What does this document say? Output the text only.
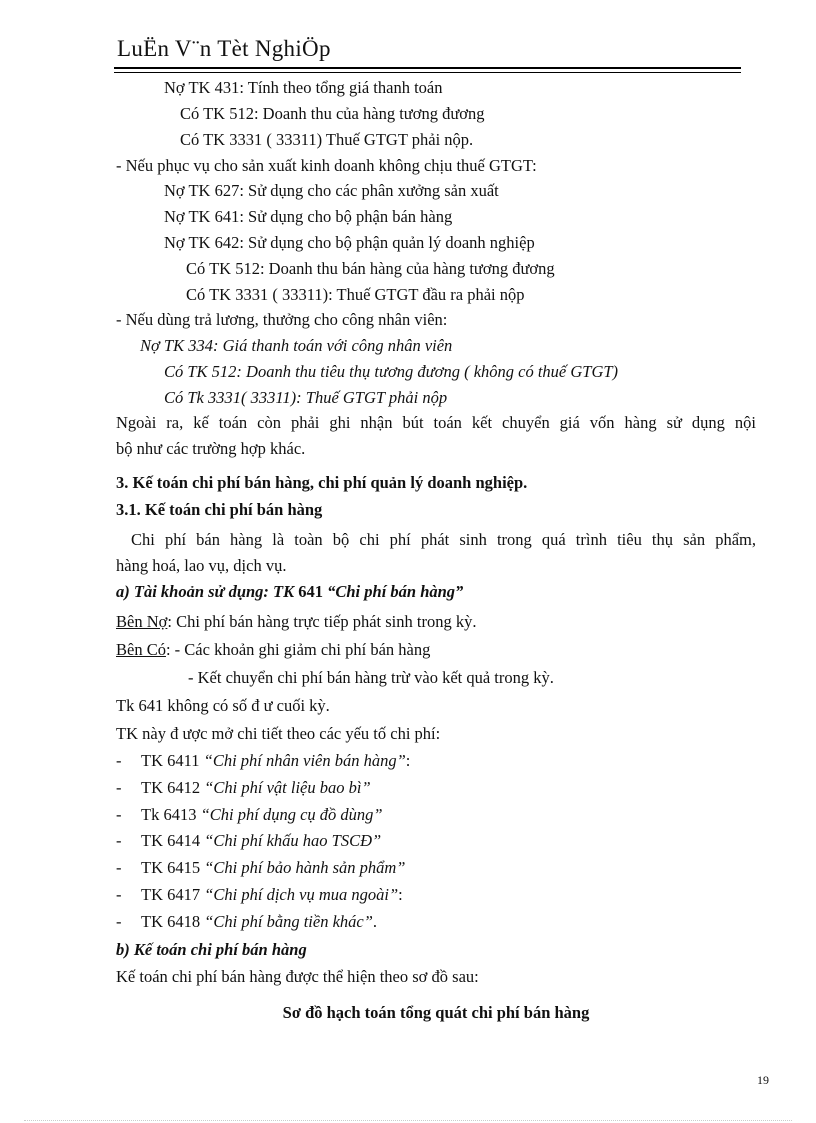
LuËn V¨n Tèt NghiÖp
Nợ TK 431: Tính theo tổng giá thanh toán
Có TK 512: Doanh thu của hàng tương đương
Có TK 3331 ( 33311) Thuế GTGT phải nộp.
- Nếu phục vụ cho sản xuất kinh doanh không chịu thuế GTGT:
Nợ TK 627: Sử dụng cho các phân xưởng sản xuất
Nợ TK 641: Sử dụng cho bộ phận bán hàng
Nợ TK 642: Sử dụng cho bộ phận quản lý doanh nghiệp
Có TK 512: Doanh thu bán hàng của hàng tương đương
Có TK 3331 ( 33311): Thuế GTGT đầu ra phải nộp
- Nếu dùng trả lương, thưởng cho công nhân viên:
Nợ TK 334: Giá thanh toán với công nhân viên
Có TK 512: Doanh thu tiêu thụ tương đương ( không có thuế GTGT)
Có Tk 3331( 33311): Thuế GTGT phải nộp
Ngoài ra, kế toán còn phải ghi nhận bút toán kết chuyển giá vốn hàng sử dụng nội
bộ như các trường hợp khác.
3. Kế toán chi phí bán hàng, chi phí quản lý doanh nghiệp.
3.1. Kế toán chi phí bán hàng
Chi phí bán hàng là toàn bộ chi phí phát sinh trong quá trình tiêu thụ sản phẩm,
hàng hoá, lao vụ, dịch vụ.
a) Tài khoản sử dụng: TK 641 “Chi phí bán hàng”
Bên Nợ: Chi phí bán hàng trực tiếp phát sinh trong kỳ.
Bên Có: - Các khoản ghi giảm chi phí bán hàng
- Kết chuyển chi phí bán hàng trừ vào kết quả trong kỳ.
Tk 641 không có số đ ư cuối kỳ.
TK này đ ược mở chi tiết theo các yếu tố chi phí:
- TK 6411 “Chi phí nhân viên bán hàng”:
- TK 6412 “Chi phí vật liệu bao bì”
- Tk 6413 “Chi phí dụng cụ đồ dùng”
- TK 6414 “Chi phí khấu hao TSCĐ”
- TK 6415 “Chi phí bảo hành sản phẩm”
- TK 6417 “Chi phí dịch vụ mua ngoài”:
- TK 6418 “Chi phí bằng tiền khác”.
b) Kế toán chi phí bán hàng
Kế toán chi phí bán hàng được thể hiện theo sơ đồ sau:
Sơ đồ hạch toán tổng quát chi phí bán hàng
19
